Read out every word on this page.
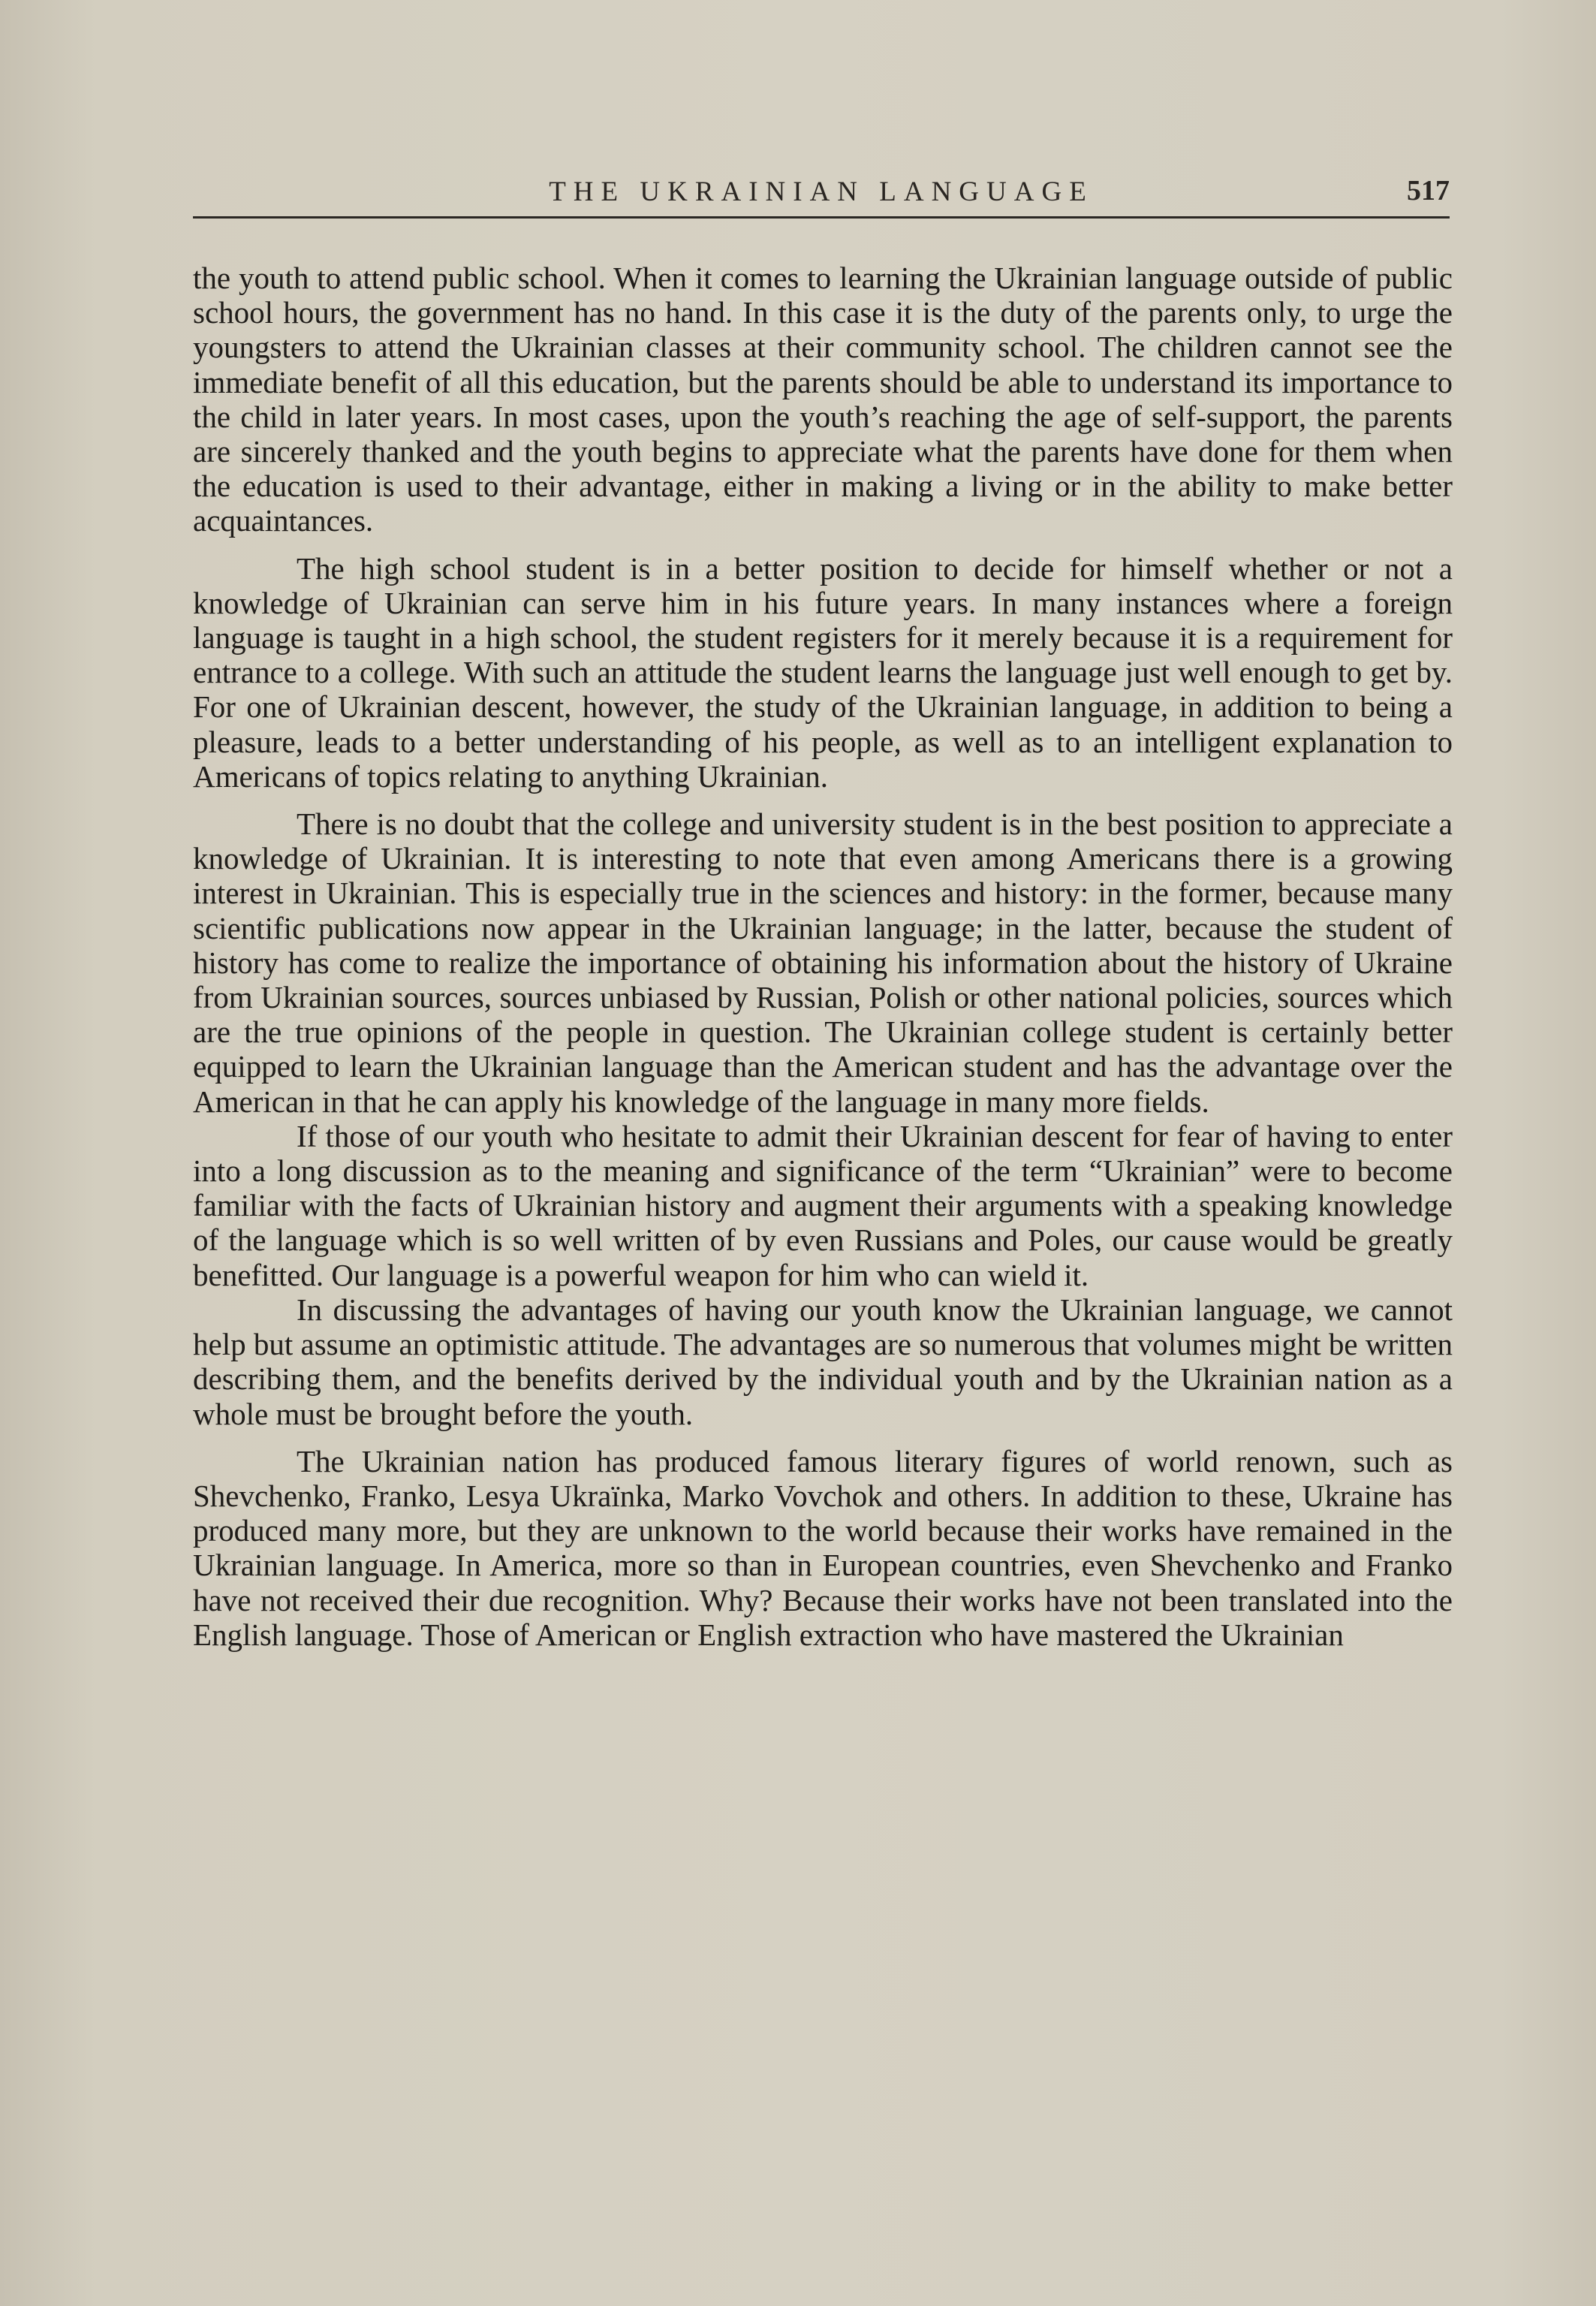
THE UKRAINIAN LANGUAGE	517

the youth to attend public school. When it comes to learning the Ukrainian language outside of public school hours, the government has no hand. In this case it is the duty of the parents only, to urge the youngsters to attend the Ukrainian classes at their community school. The children cannot see the immediate benefit of all this education, but the parents should be able to understand its importance to the child in later years. In most cases, upon the youth’s reaching the age of self-support, the parents are sincerely thanked and the youth begins to appreciate what the parents have done for them when the education is used to their advantage, either in making a living or in the ability to make better acquaintances.

The high school student is in a better position to decide for himself whether or not a knowledge of Ukrainian can serve him in his future years. In many instances where a foreign language is taught in a high school, the student registers for it merely because it is a requirement for entrance to a college. With such an attitude the student learns the language just well enough to get by. For one of Ukrainian descent, however, the study of the Ukrainian language, in addition to being a pleasure, leads to a better understanding of his people, as well as to an intelligent explanation to Americans of topics relating to anything Ukrainian.

There is no doubt that the college and university student is in the best position to appreciate a knowledge of Ukrainian. It is interesting to note that even among Americans there is a growing interest in Ukrainian. This is especially true in the sciences and history: in the former, because many scientific publications now appear in the Ukrainian language; in the latter, because the student of history has come to realize the importance of obtaining his information about the history of Ukraine from Ukrainian sources, sources unbiased by Russian, Polish or other national policies, sources which are the true opinions of the people in question. The Ukrainian college student is certainly better equipped to learn the Ukrainian language than the American student and has the advantage over the American in that he can apply his knowledge of the language in many more fields.

If those of our youth who hesitate to admit their Ukrainian descent for fear of having to enter into a long discussion as to the meaning and significance of the term “Ukrainian” were to become familiar with the facts of Ukrainian history and augment their arguments with a speaking knowledge of the language which is so well written of by even Russians and Poles, our cause would be greatly benefitted. Our language is a powerful weapon for him who can wield it.

In discussing the advantages of having our youth know the Ukrainian language, we cannot help but assume an optimistic attitude. The advantages are so numerous that volumes might be written describing them, and the benefits derived by the individual youth and by the Ukrainian nation as a whole must be brought before the youth.

The Ukrainian nation has produced famous literary figures of world renown, such as Shevchenko, Franko, Lesya Ukraïnka, Marko Vovchok and others. In addition to these, Ukraine has produced many more, but they are unknown to the world because their works have remained in the Ukrainian language. In America, more so than in European countries, even Shevchenko and Franko have not received their due recognition. Why? Because their works have not been translated into the English language. Those of American or English extraction who have mastered the Ukrainian
